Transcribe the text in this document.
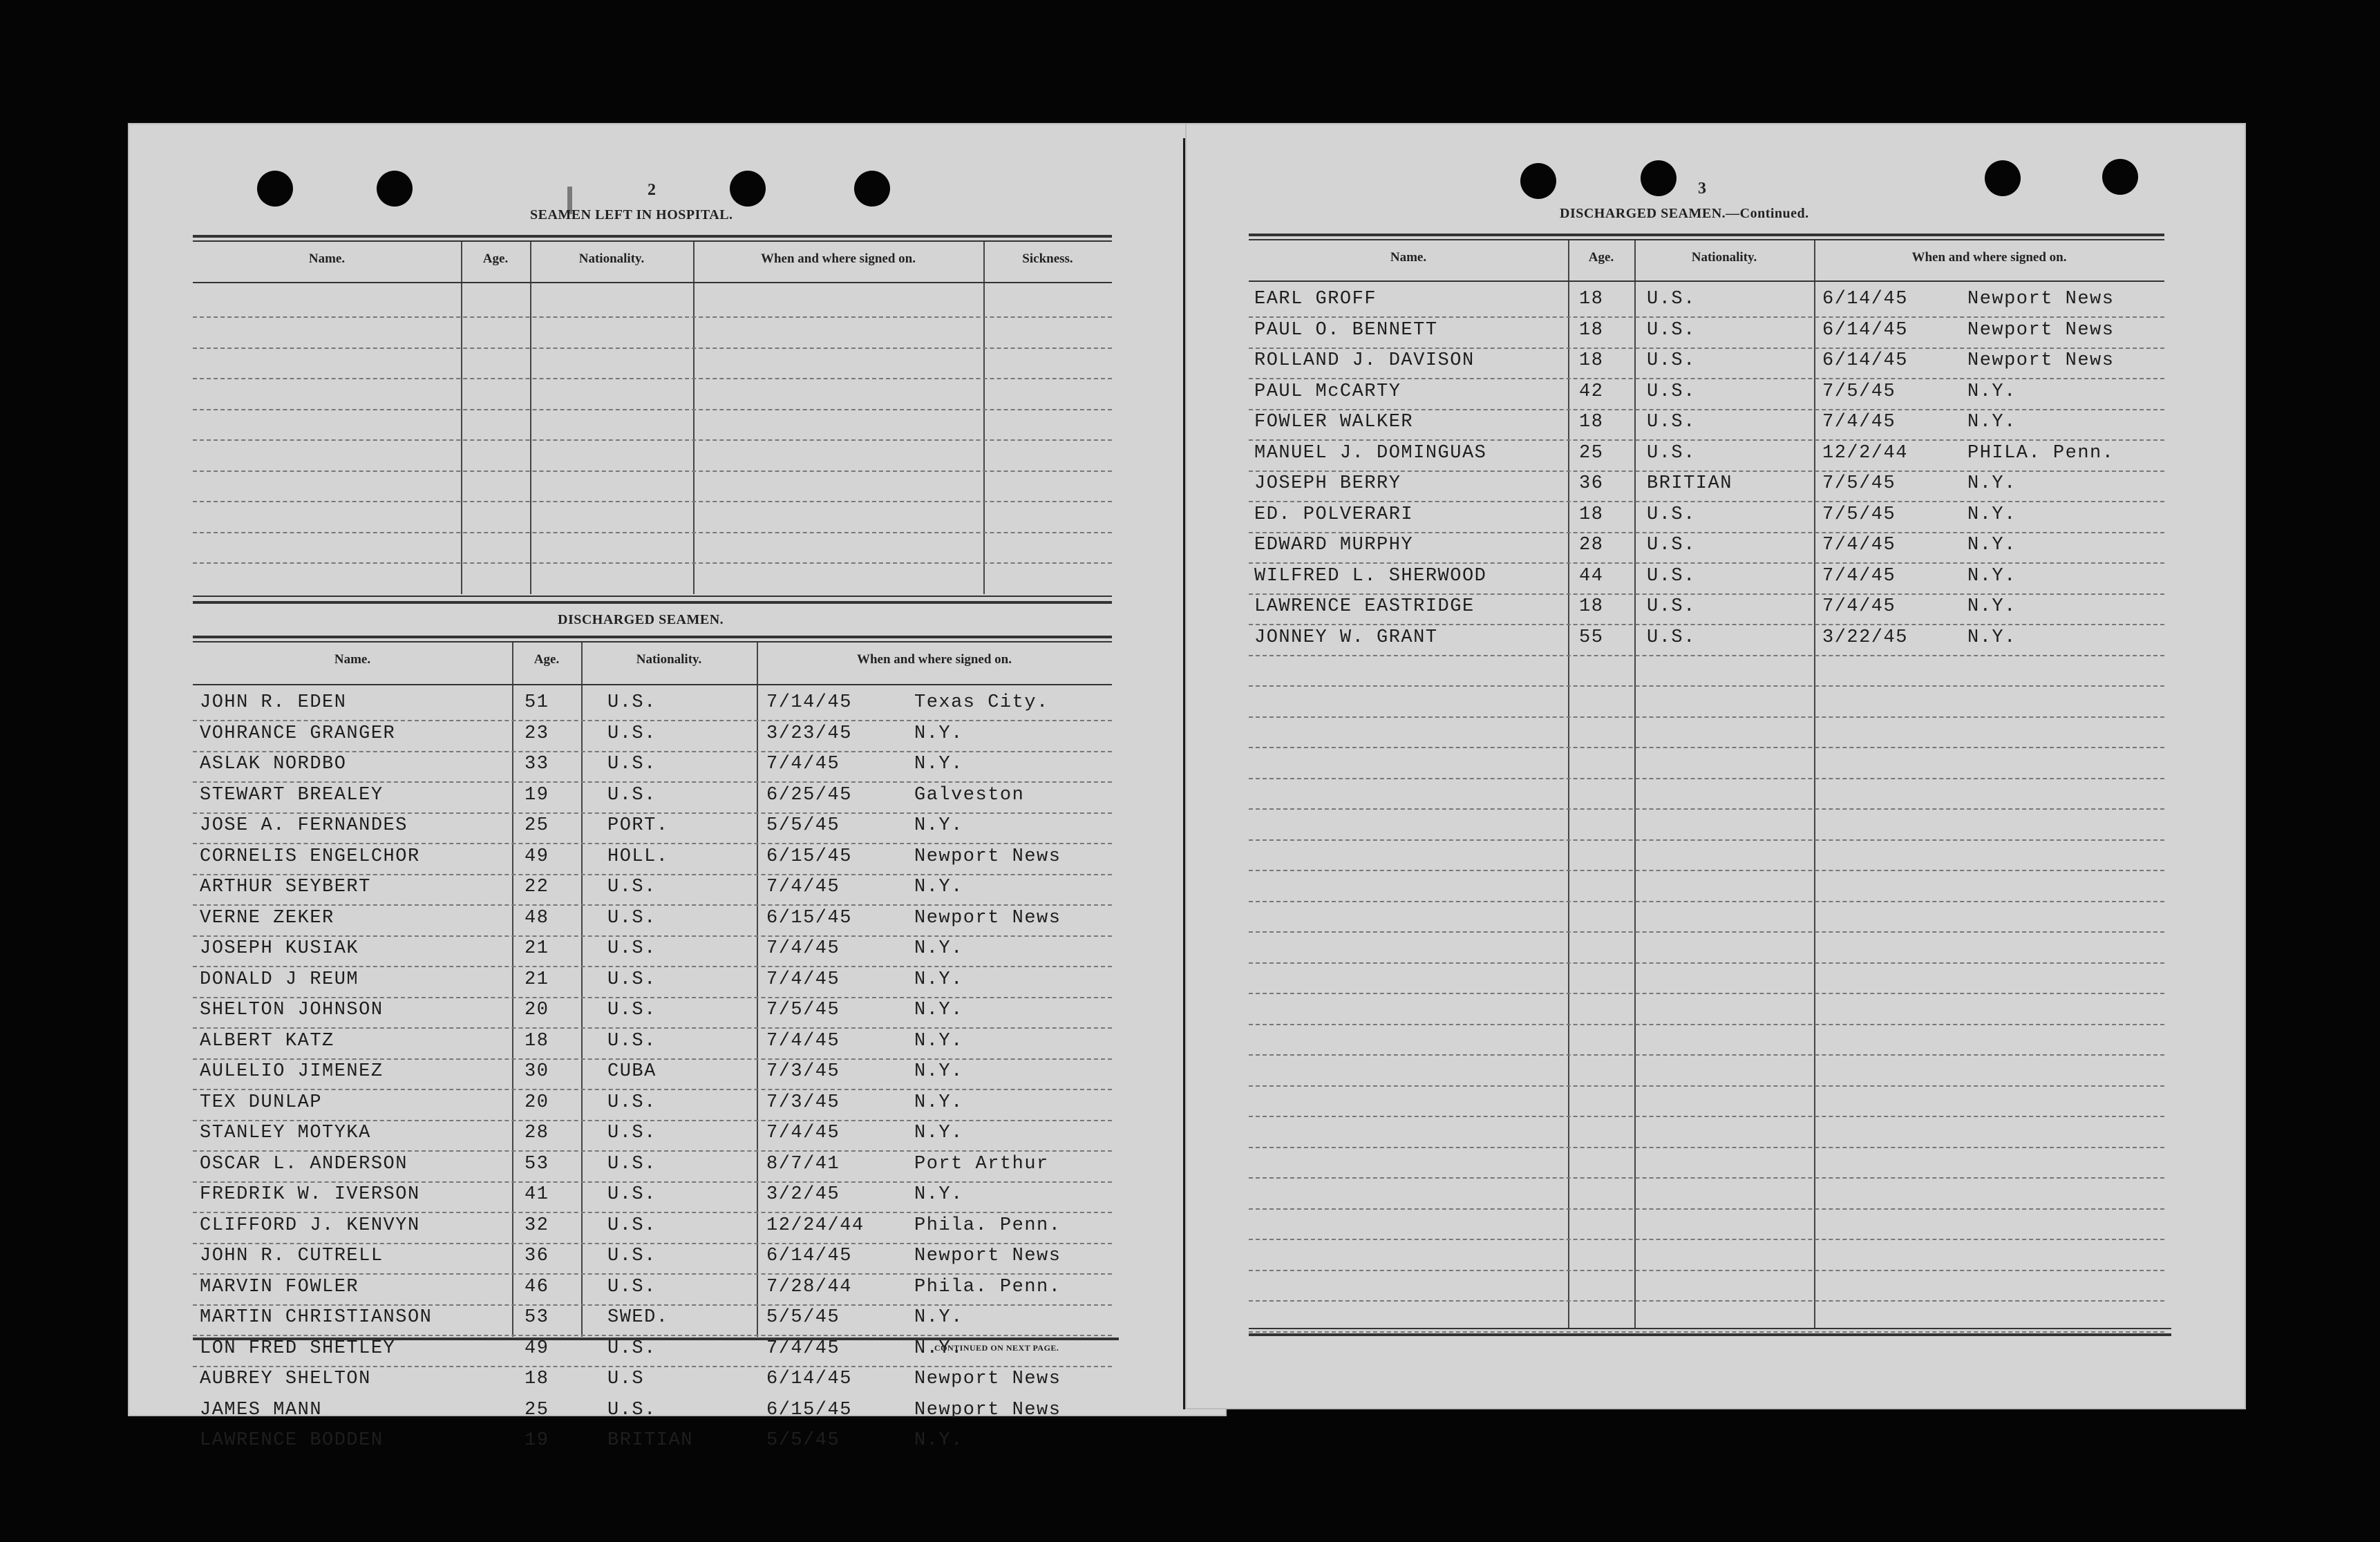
2
SEAMEN LEFT IN HOSPITAL.
Name.	Age.	Nationality.	When and where signed on.	Sickness.
DISCHARGED SEAMEN.
Name.	Age.	Nationality.	When and where signed on.
JOHN R. EDEN	51	U.S.	7/14/45	Texas City.
VOHRANCE GRANGER	23	U.S.	3/23/45	N.Y.
ASLAK NORDBO	33	U.S.	7/4/45	N.Y.
STEWART BREALEY	19	U.S.	6/25/45	Galveston
JOSE A. FERNANDES	25	PORT.	5/5/45	N.Y.
CORNELIS ENGELCHOR	49	HOLL.	6/15/45	Newport News
ARTHUR SEYBERT	22	U.S.	7/4/45	N.Y.
VERNE ZEKER	48	U.S.	6/15/45	Newport News
JOSEPH KUSIAK	21	U.S.	7/4/45	N.Y.
DONALD J REUM	21	U.S.	7/4/45	N.Y.
SHELTON JOHNSON	20	U.S.	7/5/45	N.Y.
ALBERT KATZ	18	U.S.	7/4/45	N.Y.
AULELIO JIMENEZ	30	CUBA	7/3/45	N.Y.
TEX DUNLAP	20	U.S.	7/3/45	N.Y.
STANLEY MOTYKA	28	U.S.	7/4/45	N.Y.
OSCAR L. ANDERSON	53	U.S.	8/7/41	Port Arthur
FREDRIK W. IVERSON	41	U.S.	3/2/45	N.Y.
CLIFFORD J. KENVYN	32	U.S.	12/24/44	Phila. Penn.
JOHN R. CUTRELL	36	U.S.	6/14/45	Newport News
MARVIN FOWLER	46	U.S.	7/28/44	Phila. Penn.
MARTIN CHRISTIANSON	53	SWED.	5/5/45	N.Y.
LON FRED SHETLEY	49	U.S.	7/4/45	N.Y.
AUBREY SHELTON	18	U.S	6/14/45	Newport News
JAMES MANN	25	U.S.	6/15/45	Newport News
LAWRENCE BODDEN	19	BRITIAN	5/5/45	N.Y.
CONTINUED ON NEXT PAGE.
3
DISCHARGED SEAMEN.—Continued.
Name.	Age.	Nationality.	When and where signed on.
EARL GROFF	18 U.S.	6/14/45	Newport News
PAUL O. BENNETT	18 U.S.	6/14/45	Newport News
ROLLAND J. DAVISON	18 U.S.	6/14/45	Newport News
PAUL McCARTY	42 U.S.	7/5/45	N.Y.
FOWLER WALKER	18 U.S.	7/4/45	N.Y.
MANUEL J. DOMINGUAS	25 U.S.	12/2/44	PHILA. Penn.
JOSEPH BERRY	36 BRITIAN	7/5/45	N.Y.
ED. POLVERARI	18 U.S.	7/5/45	N.Y.
EDWARD MURPHY	28 U.S.	7/4/45	N.Y.
WILFRED L. SHERWOOD	44 U.S.	7/4/45	N.Y.
LAWRENCE EASTRIDGE	18 U.S.	7/4/45	N.Y.
JONNEY W. GRANT	55 U.S.	3/22/45	N.Y.
